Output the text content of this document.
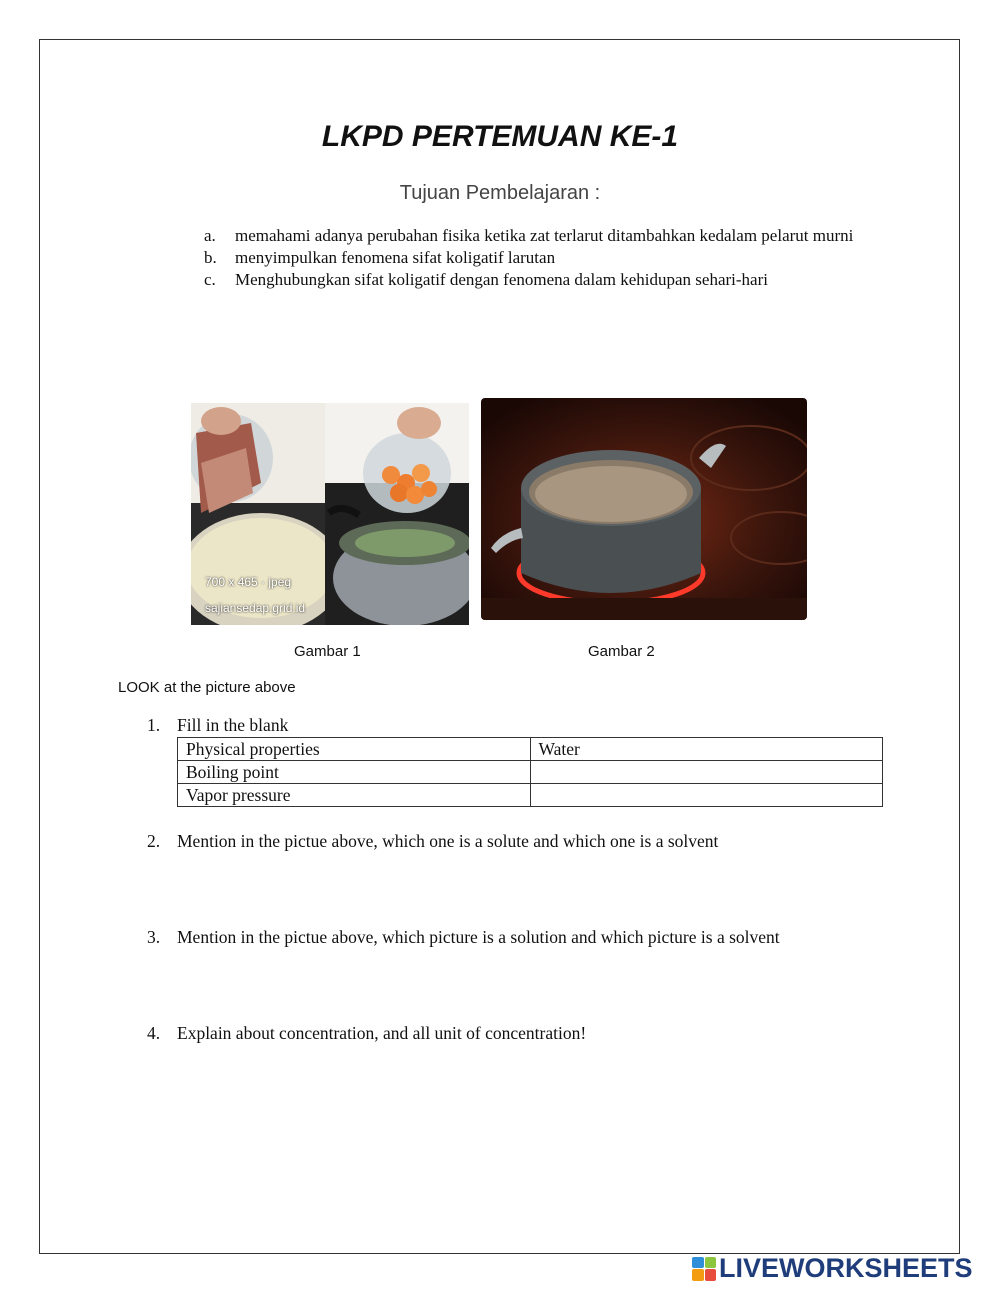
LKPD PERTEMUAN KE-1
Tujuan Pembelajaran :
a.	memahami adanya perubahan fisika ketika zat terlarut ditambahkan kedalam pelarut murni
b.	menyimpulkan fenomena sifat koligatif larutan
c.	Menghubungkan sifat koligatif dengan fenomena dalam kehidupan sehari-hari
700 x 465 · jpeg
sajiansedap.grid.id
Gambar 1	Gambar 2
LOOK at the picture above
1. Fill in the blank
Physical properties	Water
Boiling point	
Vapor pressure	
2. Mention in the pictue above, which one is a solute and which one is a solvent
3. Mention in the pictue above, which picture is a solution and which picture is a solvent
4. Explain about concentration, and all unit of concentration!
LIVEWORKSHEETS
